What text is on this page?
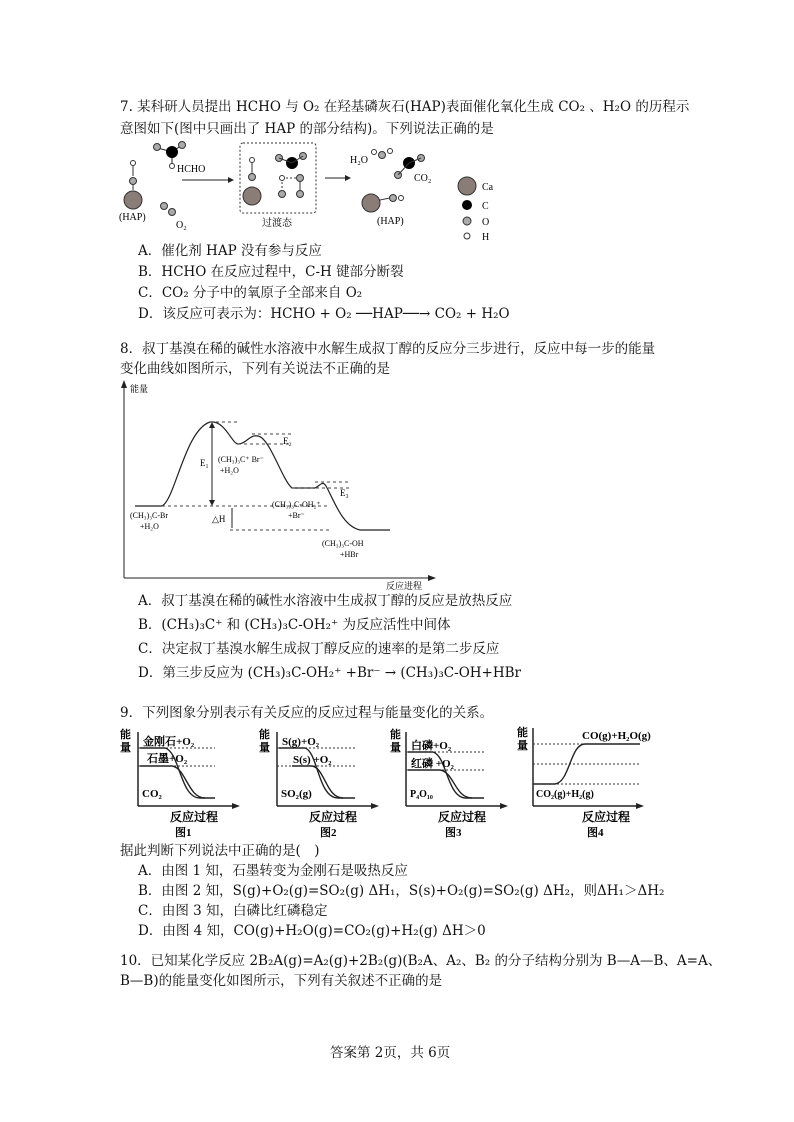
7. 某科研人员提出 HCHO 与 O₂ 在羟基磷灰石(HAP)表面催化氧化生成 CO₂ 、H₂O 的历程示
意图如下(图中只画出了 HAP 的部分结构)。下列说法正确的是
HCHO
(HAP)
O₂	过渡态
H₂O
CO₂
(HAP)
Ca
C
O
H
A．催化剂 HAP 没有参与反应
B．HCHO 在反应过程中，C-H 键部分断裂
C．CO₂ 分子中的氧原子全部来自 O₂
D．该反应可表示为：HCHO + O₂ ──HAP──→ CO₂ + H₂O
8．叔丁基溴在稀的碱性水溶液中水解生成叔丁醇的反应分三步进行，反应中每一步的能量
变化曲线如图所示，下列有关说法不正确的是
能量
反应进程
E₁
E₂
E₃
△H
(CH₃)₃C-Br
+H₂O
(CH₃)₃C⁺ Br⁻
+H₂O
(CH₃)₃C-OH₂⁺
+Br⁻
(CH₃)₃C-OH
+HBr
A．叔丁基溴在稀的碱性水溶液中生成叔丁醇的反应是放热反应
B．(CH₃)₃C⁺ 和 (CH₃)₃C-OH₂⁺ 为反应活性中间体
C．决定叔丁基溴水解生成叔丁醇反应的速率的是第二步反应
D．第三步反应为 (CH₃)₃C-OH₂⁺ +Br⁻ → (CH₃)₃C-OH+HBr
9．下列图象分别表示有关反应的反应过程与能量变化的关系。
能
量 金刚石+O₂
石墨+O₂
CO₂
反应过程
图1
能
量 S(g)+O₂
S(s) +O₂
SO₂(g)
反应过程
图2
能
量 白磷+O₂
红磷 +O₂
P₄O₁₀
反应过程
图3
能
量
CO(g)+H₂O(g)
CO₂(g)+H₂(g)
反应过程
图4
据此判断下列说法中正确的是(　)
A．由图 1 知，石墨转变为金刚石是吸热反应
B．由图 2 知，S(g)+O₂(g)=SO₂(g) ΔH₁，S(s)+O₂(g)=SO₂(g) ΔH₂，则ΔH₁＞ΔH₂
C．由图 3 知，白磷比红磷稳定
D．由图 4 知，CO(g)+H₂O(g)=CO₂(g)+H₂(g) ΔH＞0
10．已知某化学反应 2B₂A(g)=A₂(g)+2B₂(g)(B₂A、A₂、B₂ 的分子结构分别为 B—A—B、A=A、
B—B)的能量变化如图所示，下列有关叙述不正确的是
答案第 2页，共 6页
